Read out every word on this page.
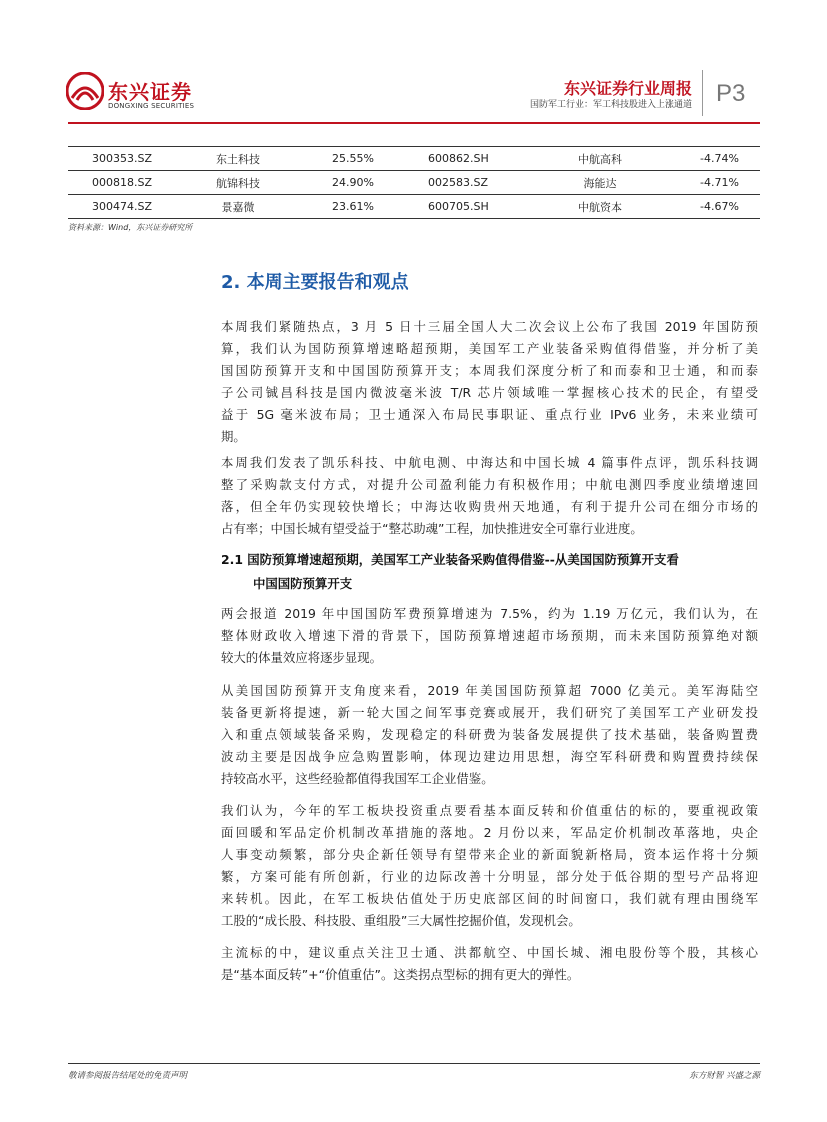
东兴证券
DONGXING SECURITIES
东兴证券行业周报
国防军工行业：军工科技股进入上涨通道 P3
300353.SZ	东土科技	25.55%	600862.SH	中航高科	-4.74%
000818.SZ	航锦科技	24.90%	002583.SZ	海能达	-4.71%
300474.SZ	景嘉微	23.61%	600705.SH	中航资本	-4.67%
资料来源：Wind，东兴证券研究所
2. 本周主要报告和观点
本周我们紧随热点，3 月 5 日十三届全国人大二次会议上公布了我国 2019 年国防预
算，我们认为国防预算增速略超预期，美国军工产业装备采购值得借鉴，并分析了美
国国防预算开支和中国国防预算开支；本周我们深度分析了和而泰和卫士通，和而泰
子公司铖昌科技是国内微波毫米波 T/R 芯片领域唯一掌握核心技术的民企，有望受
益于 5G 毫米波布局；卫士通深入布局民事职证、重点行业 IPv6 业务，未来业绩可
期。
本周我们发表了凯乐科技、中航电测、中海达和中国长城 4 篇事件点评，凯乐科技调
整了采购款支付方式，对提升公司盈利能力有积极作用；中航电测四季度业绩增速回
落，但全年仍实现较快增长；中海达收购贵州天地通，有利于提升公司在细分市场的
占有率；中国长城有望受益于“整芯助魂”工程，加快推进安全可靠行业进度。
2.1 国防预算增速超预期，美国军工产业装备采购值得借鉴--从美国国防预算开支看
中国国防预算开支
两会报道 2019 年中国国防军费预算增速为 7.5%，约为 1.19 万亿元，我们认为，在
整体财政收入增速下滑的背景下，国防预算增速超市场预期，而未来国防预算绝对额
较大的体量效应将逐步显现。
从美国国防预算开支角度来看，2019 年美国国防预算超 7000 亿美元。美军海陆空
装备更新将提速，新一轮大国之间军事竞赛或展开，我们研究了美国军工产业研发投
入和重点领域装备采购，发现稳定的科研费为装备发展提供了技术基础，装备购置费
波动主要是因战争应急购置影响，体现边建边用思想，海空军科研费和购置费持续保
持较高水平，这些经验都值得我国军工企业借鉴。
我们认为，今年的军工板块投资重点要看基本面反转和价值重估的标的，要重视政策
面回暖和军品定价机制改革措施的落地。2 月份以来，军品定价机制改革落地，央企
人事变动频繁，部分央企新任领导有望带来企业的新面貌新格局，资本运作将十分频
繁，方案可能有所创新，行业的边际改善十分明显，部分处于低谷期的型号产品将迎
来转机。因此，在军工板块估值处于历史底部区间的时间窗口，我们就有理由围绕军
工股的“成长股、科技股、重组股”三大属性挖掘价值，发现机会。
主流标的中，建议重点关注卫士通、洪都航空、中国长城、湘电股份等个股，其核心
是“基本面反转”+“价值重估”。这类拐点型标的拥有更大的弹性。
敬请参阅报告结尾处的免责声明	东方财智 兴盛之源
